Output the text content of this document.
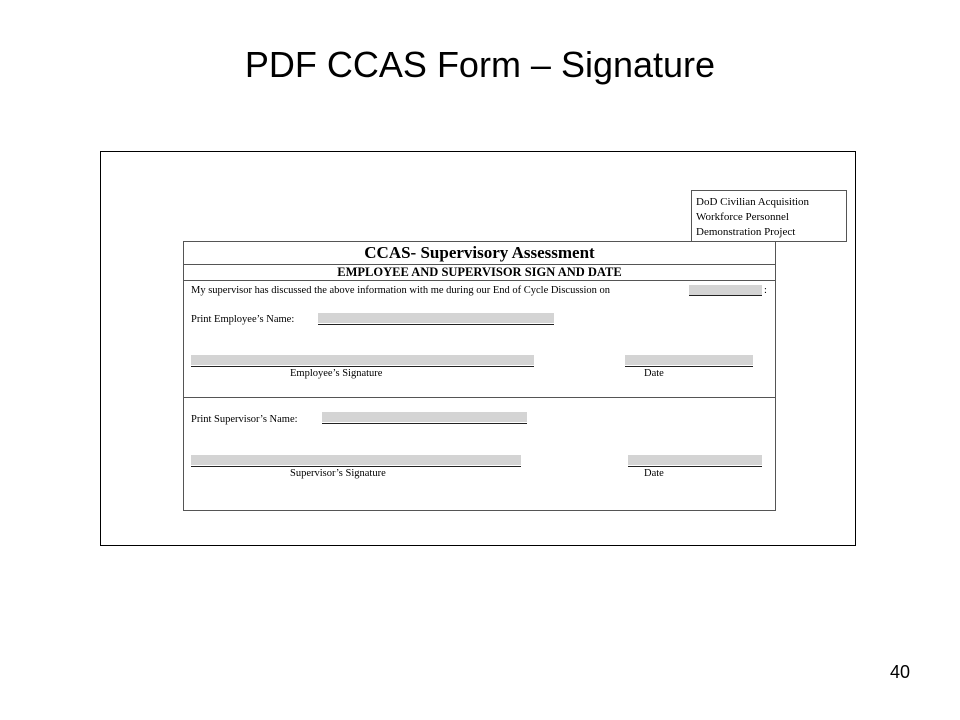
PDF CCAS Form – Signature
DoD Civilian Acquisition
Workforce Personnel
Demonstration Project
CCAS- Supervisory Assessment
EMPLOYEE AND SUPERVISOR SIGN AND DATE
My supervisor has discussed the above information with me during our End of Cycle Discussion on	:
Print Employee’s Name:
Employee’s Signature	Date
Print Supervisor’s Name:
Supervisor’s Signature	Date
40
